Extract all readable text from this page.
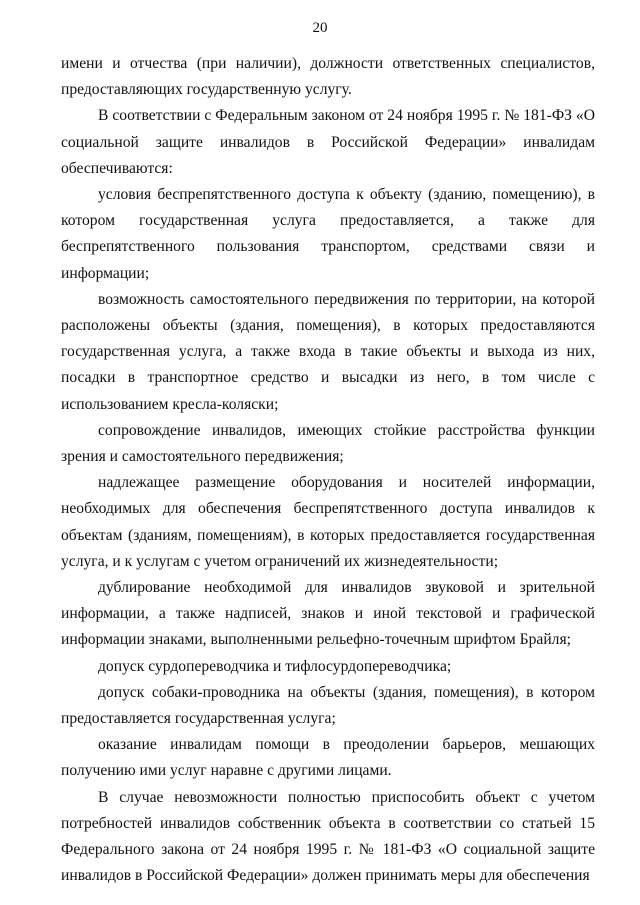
20

имени и отчества (при наличии), должности ответственных специалистов, предоставляющих государственную услугу.

В соответствии с Федеральным законом от 24 ноября 1995 г. № 181-ФЗ «О социальной защите инвалидов в Российской Федерации» инвалидам обеспечиваются:

условия беспрепятственного доступа к объекту (зданию, помещению), в котором государственная услуга предоставляется, а также для беспрепятственного пользования транспортом, средствами связи и информации;

возможность самостоятельного передвижения по территории, на которой расположены объекты (здания, помещения), в которых предоставляются государственная услуга, а также входа в такие объекты и выхода из них, посадки в транспортное средство и высадки из него, в том числе с использованием кресла-коляски;

сопровождение инвалидов, имеющих стойкие расстройства функции зрения и самостоятельного передвижения;

надлежащее размещение оборудования и носителей информации, необходимых для обеспечения беспрепятственного доступа инвалидов к объектам (зданиям, помещениям), в которых предоставляется государственная услуга, и к услугам с учетом ограничений их жизнедеятельности;

дублирование необходимой для инвалидов звуковой и зрительной информации, а также надписей, знаков и иной текстовой и графической информации знаками, выполненными рельефно-точечным шрифтом Брайля;

допуск сурдопереводчика и тифлосурдопереводчика;

допуск собаки-проводника на объекты (здания, помещения), в котором предоставляется государственная услуга;

оказание инвалидам помощи в преодолении барьеров, мешающих получению ими услуг наравне с другими лицами.

В случае невозможности полностью приспособить объект с учетом потребностей инвалидов собственник объекта в соответствии со статьей 15 Федерального закона от 24 ноября 1995 г. № 181-ФЗ «О социальной защите инвалидов в Российской Федерации» должен принимать меры для обеспечения
